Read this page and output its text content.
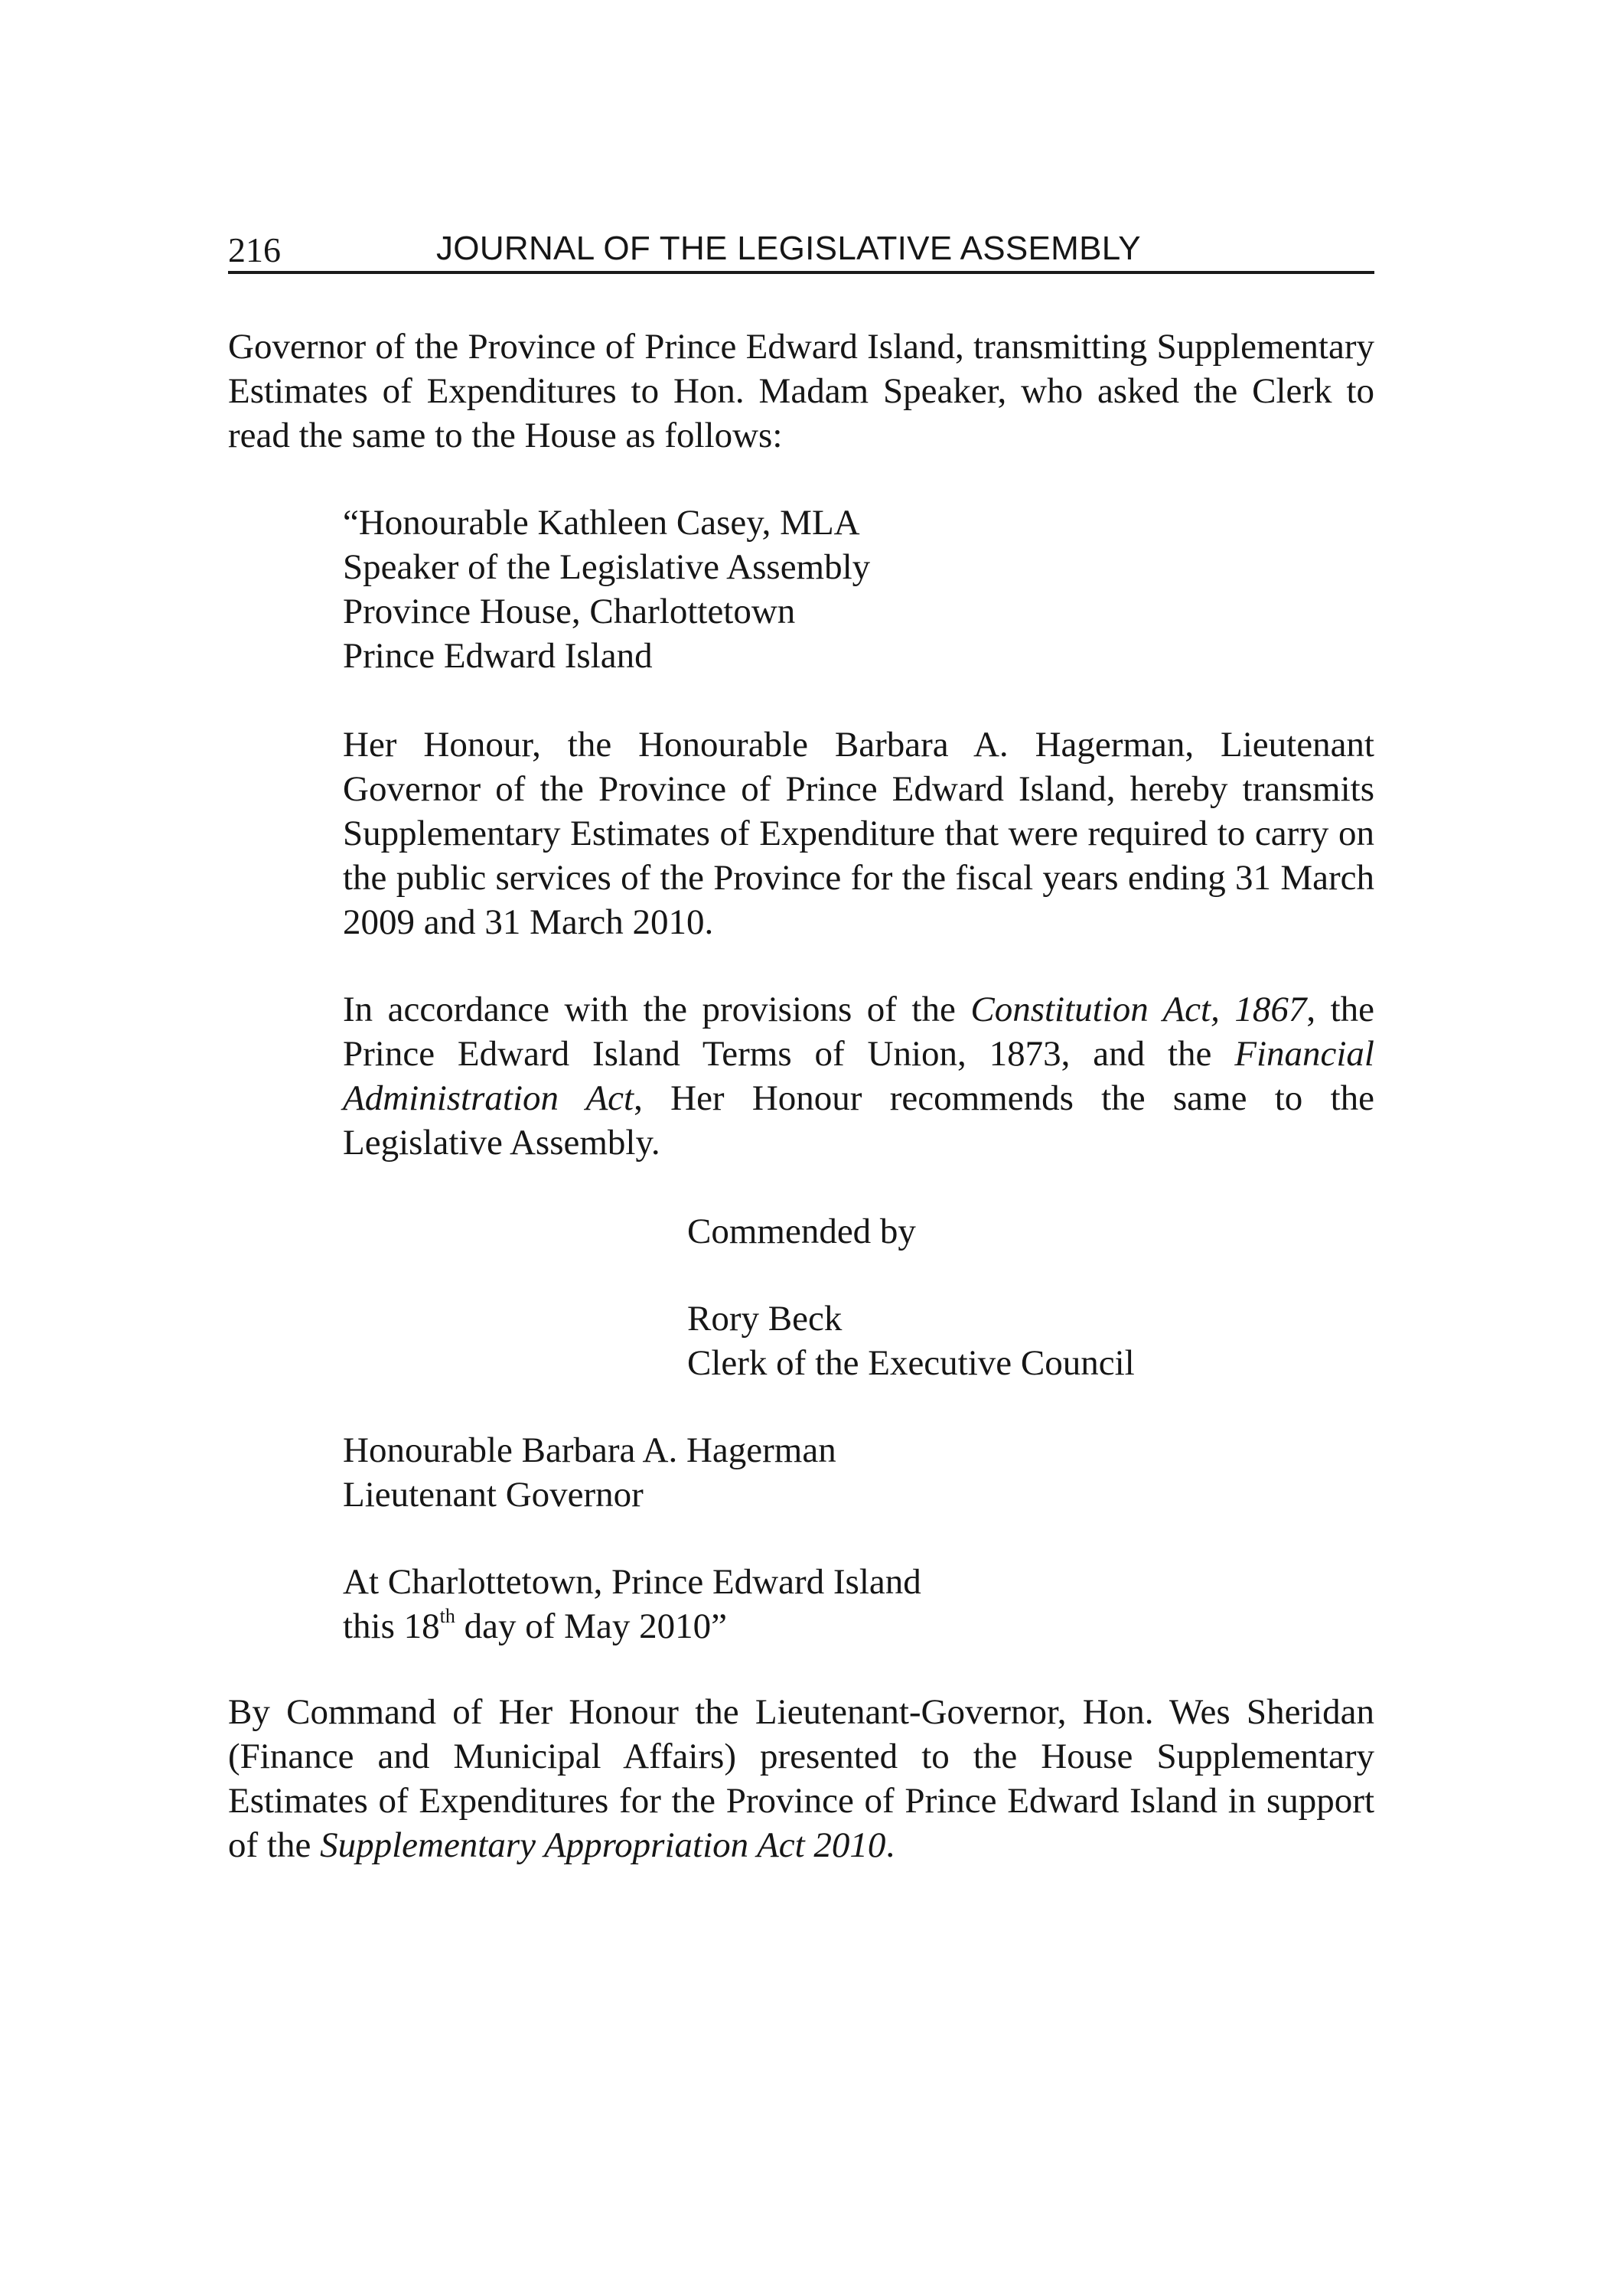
216	JOURNAL OF THE LEGISLATIVE ASSEMBLY

Governor of the Province of Prince Edward Island, transmitting Supplementary Estimates of Expenditures to Hon. Madam Speaker, who asked the Clerk to read the same to the House as follows:

“Honourable Kathleen Casey, MLA
Speaker of the Legislative Assembly
Province House, Charlottetown
Prince Edward Island

Her Honour, the Honourable Barbara A. Hagerman, Lieutenant Governor of the Province of Prince Edward Island, hereby transmits Supplementary Estimates of Expenditure that were required to carry on the public services of the Province for the fiscal years ending 31 March 2009 and 31 March 2010.

In accordance with the provisions of the Constitution Act, 1867, the Prince Edward Island Terms of Union, 1873, and the Financial Administration Act, Her Honour recommends the same to the Legislative Assembly.

Commended by
Rory Beck
Clerk of the Executive Council
Honourable Barbara A. Hagerman
Lieutenant Governor
At Charlottetown, Prince Edward Island
this 18th day of May 2010”

By Command of Her Honour the Lieutenant-Governor, Hon. Wes Sheridan (Finance and Municipal Affairs) presented to the House Supplementary Estimates of Expenditures for the Province of Prince Edward Island in support of the Supplementary Appropriation Act 2010.
